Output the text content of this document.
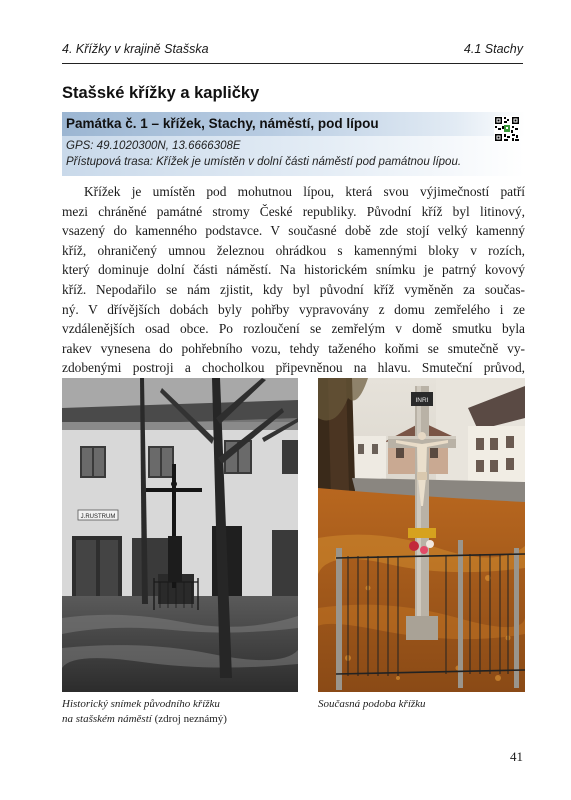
4. Křížky v krajině Stašska	4.1 Stachy
Stašské křížky a kapličky
Památka č. 1 – křížek, Stachy, náměstí, pod lípou
GPS: 49.1020300N, 13.6666308E
Přístupová trasa: Křížek je umístěn v dolní části náměstí pod památnou lípou.
Křížek je umístěn pod mohutnou lípou, která svou výjimečností patří
mezi chráněné památné stromy České republiky. Původní kříž byl litinový,
vsazený do kamenného podstavce. V současné době zde stojí velký kamenný
kříž, ohraničený umnou železnou ohrádkou s kamennými bloky v rozích,
který dominuje dolní části náměstí. Na historickém snímku je patrný kovový
kříž. Nepodařilo se nám zjistit, kdy byl původní kříž vyměněn za součas-
ný. V dřívějších dobách byly pohřby vypravovány z domu zemřelého i ze
vzdálenějších osad obce. Po rozloučení se zemřelým v domě smutku byla
rakev vynesena do pohřebního vozu, tehdy taženého koňmi se smutečně vy-
zdobenými postroji a chocholkou připevněnou na hlavu. Smuteční průvod,
J.RUSTRUM
INRI
Historický snímek původního křížku
na stašském náměstí (zdroj neznámý)
Současná podoba křížku
41
